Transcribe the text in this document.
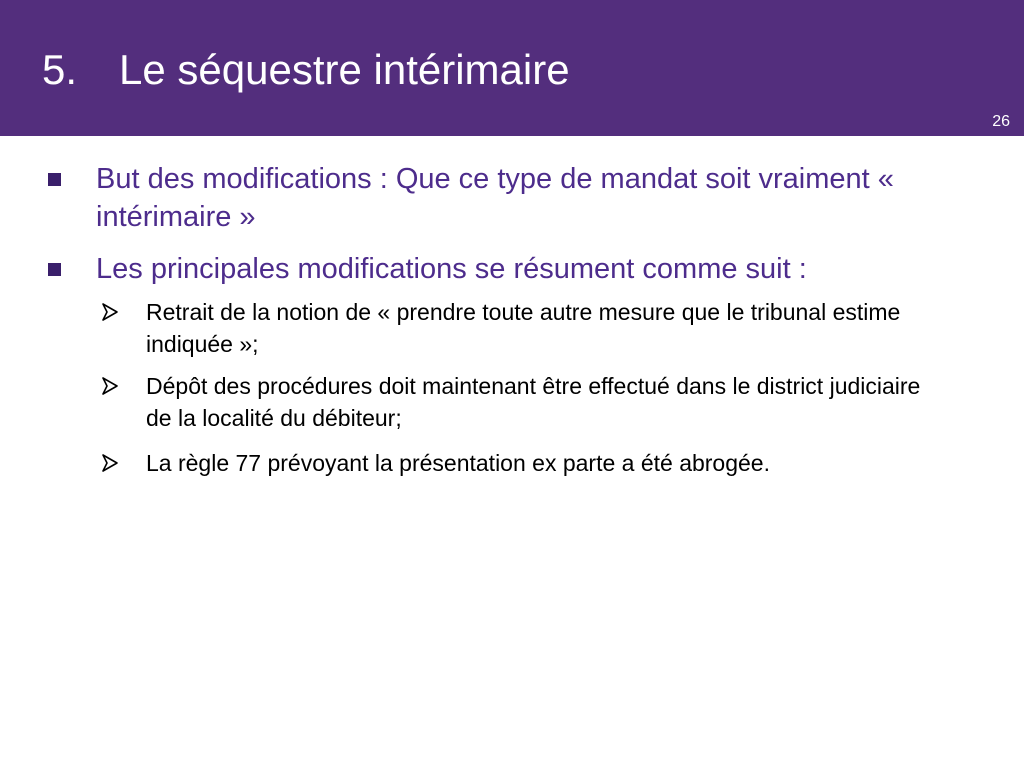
5. Le séquestre intérimaire
26
But des modifications : Que ce type de mandat soit vraiment « intérimaire »
Les principales modifications se résument comme suit :
Retrait de la notion de « prendre toute autre mesure que le tribunal estime indiquée »;
Dépôt des procédures doit maintenant être effectué dans le district judiciaire de la localité du débiteur;
La règle 77 prévoyant la présentation ex parte a été abrogée.
